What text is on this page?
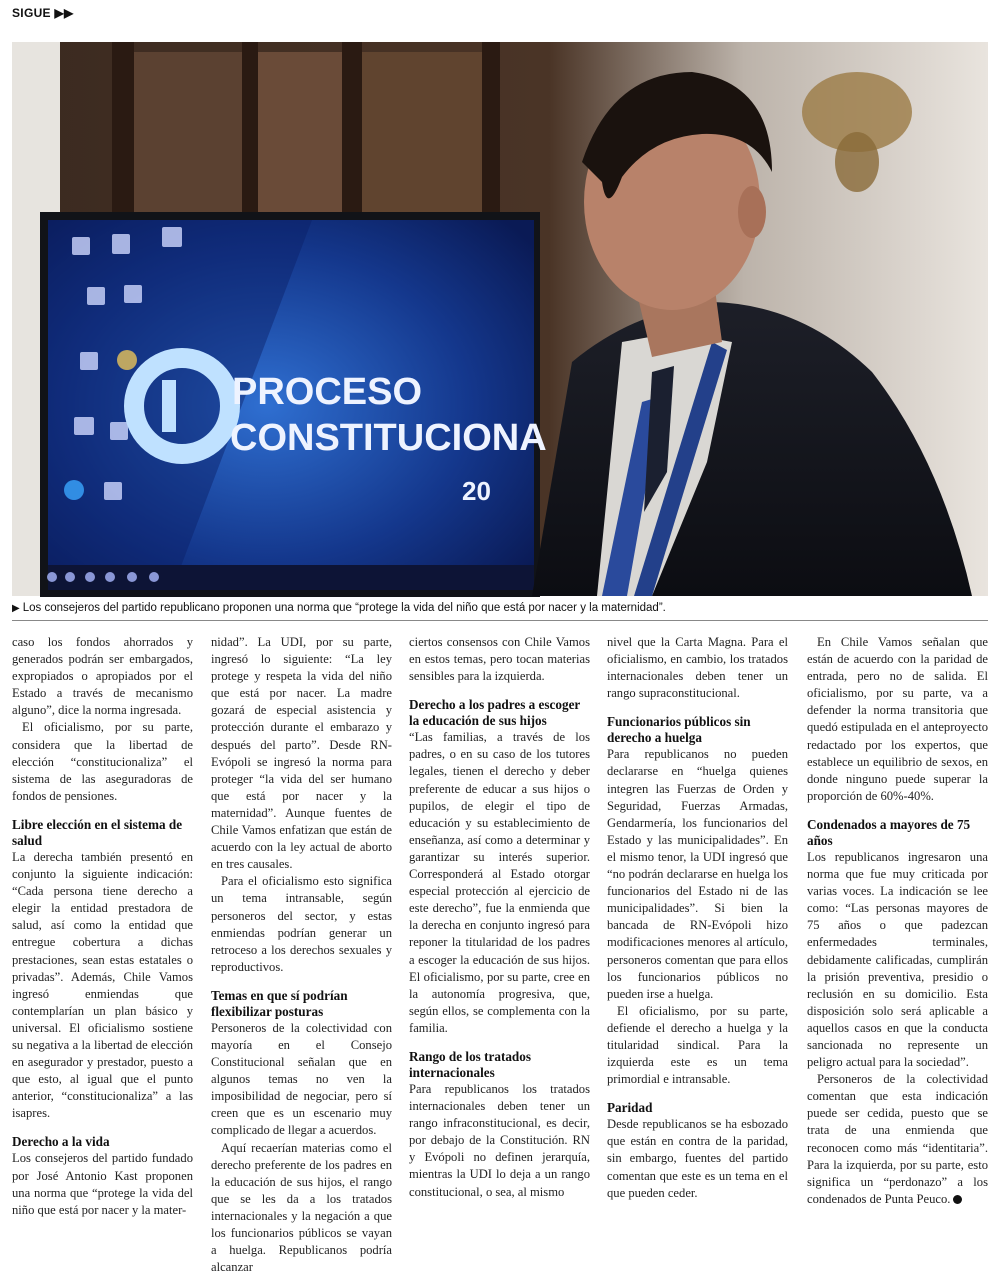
SIGUE ▶▶
PROCESO
CONSTITUCIONA
20
▶ Los consejeros del partido republicano proponen una norma que “protege la vida del niño que está por nacer y la maternidad”.

caso los fondos ahorrados y generados podrán ser embargados, expropiados o apropiados por el Estado a través de mecanismo alguno”, dice la norma ingresada.

El oficialismo, por su parte, considera que la libertad de elección “constitucionaliza” el sistema de las aseguradoras de fondos de pensiones.

Libre elección en el sistema de salud

La derecha también presentó en conjunto la siguiente indicación: “Cada persona tiene derecho a elegir la entidad prestadora de salud, así como la entidad que entregue cobertura a dichas prestaciones, sean estas estatales o privadas”. Además, Chile Vamos ingresó enmiendas que contemplarían un plan básico y universal. El oficialismo sostiene su negativa a la libertad de elección en asegurador y prestador, puesto a que esto, al igual que el punto anterior, “constitucionaliza” a las isapres.

Derecho a la vida

Los consejeros del partido fundado por José Antonio Kast proponen una norma que “protege la vida del niño que está por nacer y la mater-

nidad”. La UDI, por su parte, ingresó lo siguiente: “La ley protege y respeta la vida del niño que está por nacer. La madre gozará de especial asistencia y protección durante el embarazo y después del parto”. Desde RN-Evópoli se ingresó la norma para proteger “la vida del ser humano que está por nacer y la maternidad”. Aunque fuentes de Chile Vamos enfatizan que están de acuerdo con la ley actual de aborto en tres causales.

Para el oficialismo esto significa un tema intransable, según personeros del sector, y estas enmiendas podrían generar un retroceso a los derechos sexuales y reproductivos.

Temas en que sí podrían flexibilizar posturas

Personeros de la colectividad con mayoría en el Consejo Constitucional señalan que en algunos temas no ven la imposibilidad de negociar, pero sí creen que es un escenario muy complicado de llegar a acuerdos.

Aquí recaerían materias como el derecho preferente de los padres en la educación de sus hijos, el rango que se les da a los tratados internacionales y la negación a que los funcionarios públicos se vayan a huelga. Republicanos podría alcanzar

ciertos consensos con Chile Vamos en estos temas, pero tocan materias sensibles para la izquierda.

Derecho a los padres a escoger la educación de sus hijos

“Las familias, a través de los padres, o en su caso de los tutores legales, tienen el derecho y deber preferente de educar a sus hijos o pupilos, de elegir el tipo de educación y su establecimiento de enseñanza, así como a determinar y garantizar su interés superior. Corresponderá al Estado otorgar especial protección al ejercicio de este derecho”, fue la enmienda que la derecha en conjunto ingresó para reponer la titularidad de los padres a escoger la educación de sus hijos. El oficialismo, por su parte, cree en la autonomía progresiva, que, según ellos, se complementa con la familia.

Rango de los tratados internacionales

Para republicanos los tratados internacionales deben tener un rango infraconstitucional, es decir, por debajo de la Constitución. RN y Evópoli no definen jerarquía, mientras la UDI lo deja a un rango constitucional, o sea, al mismo

nivel que la Carta Magna. Para el oficialismo, en cambio, los tratados internacionales deben tener un rango supraconstitucional.

Funcionarios públicos sin derecho a huelga

Para republicanos no pueden declararse en “huelga quienes integren las Fuerzas de Orden y Seguridad, Fuerzas Armadas, Gendarmería, los funcionarios del Estado y las municipalidades”. En el mismo tenor, la UDI ingresó que “no podrán declararse en huelga los funcionarios del Estado ni de las municipalidades”. Si bien la bancada de RN-Evópoli hizo modificaciones menores al artículo, personeros comentan que para ellos los funcionarios públicos no pueden irse a huelga.

El oficialismo, por su parte, defiende el derecho a huelga y la titularidad sindical. Para la izquierda este es un tema primordial e intransable.

Paridad

Desde republicanos se ha esbozado que están en contra de la paridad, sin embargo, fuentes del partido comentan que este es un tema en el que pueden ceder.

En Chile Vamos señalan que están de acuerdo con la paridad de entrada, pero no de salida. El oficialismo, por su parte, va a defender la norma transitoria que quedó estipulada en el anteproyecto redactado por los expertos, que establece un equilibrio de sexos, en donde ninguno puede superar la proporción de 60%-40%.

Condenados a mayores de 75 años

Los republicanos ingresaron una norma que fue muy criticada por varias voces. La indicación se lee como: “Las personas mayores de 75 años o que padezcan enfermedades terminales, debidamente calificadas, cumplirán la prisión preventiva, presidio o reclusión en su domicilio. Esta disposición solo será aplicable a aquellos casos en que la conducta sancionada no represente un peligro actual para la sociedad”.

Personeros de la colectividad comentan que esta indicación puede ser cedida, puesto que se trata de una enmienda que reconocen como más “identitaria”. Para la izquierda, por su parte, esto significa un “perdonazo” a los condenados de Punta Peuco.
